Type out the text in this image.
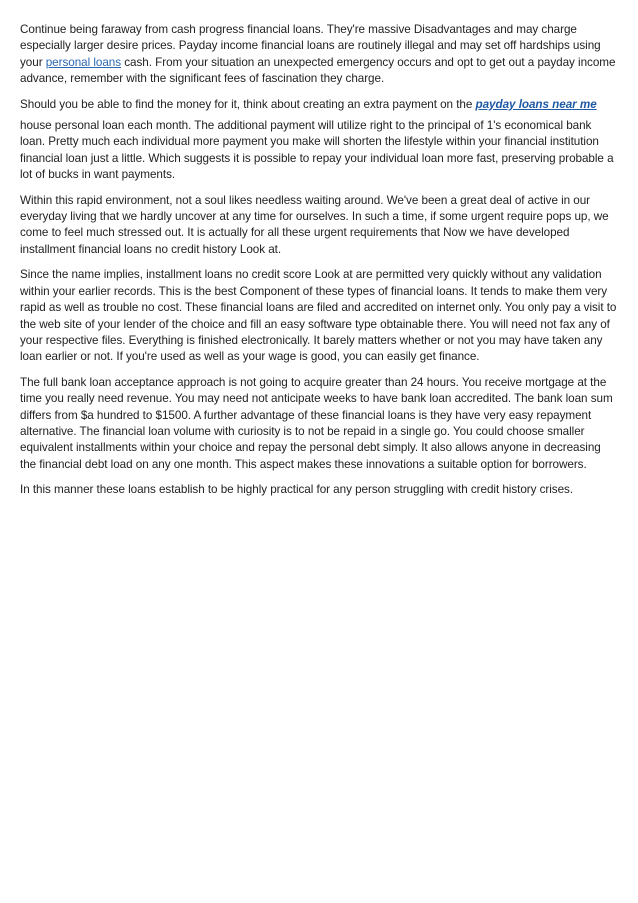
Continue being faraway from cash progress financial loans. They're massive Disadvantages and may charge especially larger desire prices. Payday income financial loans are routinely illegal and may set off hardships using your personal loans cash. From your situation an unexpected emergency occurs and opt to get out a payday income advance, remember with the significant fees of fascination they charge.

Should you be able to find the money for it, think about creating an extra payment on the payday loans near me

house personal loan each month. The additional payment will utilize right to the principal of 1's economical bank loan. Pretty much each individual more payment you make will shorten the lifestyle within your financial institution financial loan just a little. Which suggests it is possible to repay your individual loan more fast, preserving probable a lot of bucks in want payments.

Within this rapid environment, not a soul likes needless waiting around. We've been a great deal of active in our everyday living that we hardly uncover at any time for ourselves. In such a time, if some urgent require pops up, we come to feel much stressed out. It is actually for all these urgent requirements that Now we have developed installment financial loans no credit history Look at.

Since the name implies, installment loans no credit score Look at are permitted very quickly without any validation within your earlier records. This is the best Component of these types of financial loans. It tends to make them very rapid as well as trouble no cost. These financial loans are filed and accredited on internet only. You only pay a visit to the web site of your lender of the choice and fill an easy software type obtainable there. You will need not fax any of your respective files. Everything is finished electronically. It barely matters whether or not you may have taken any loan earlier or not. If you're used as well as your wage is good, you can easily get finance.

The full bank loan acceptance approach is not going to acquire greater than 24 hours. You receive mortgage at the time you really need revenue. You may need not anticipate weeks to have bank loan accredited. The bank loan sum differs from $a hundred to $1500. A further advantage of these financial loans is they have very easy repayment alternative. The financial loan volume with curiosity is to not be repaid in a single go. You could choose smaller equivalent installments within your choice and repay the personal debt simply. It also allows anyone in decreasing the financial debt load on any one month. This aspect makes these innovations a suitable option for borrowers.

In this manner these loans establish to be highly practical for any person struggling with credit history crises.
